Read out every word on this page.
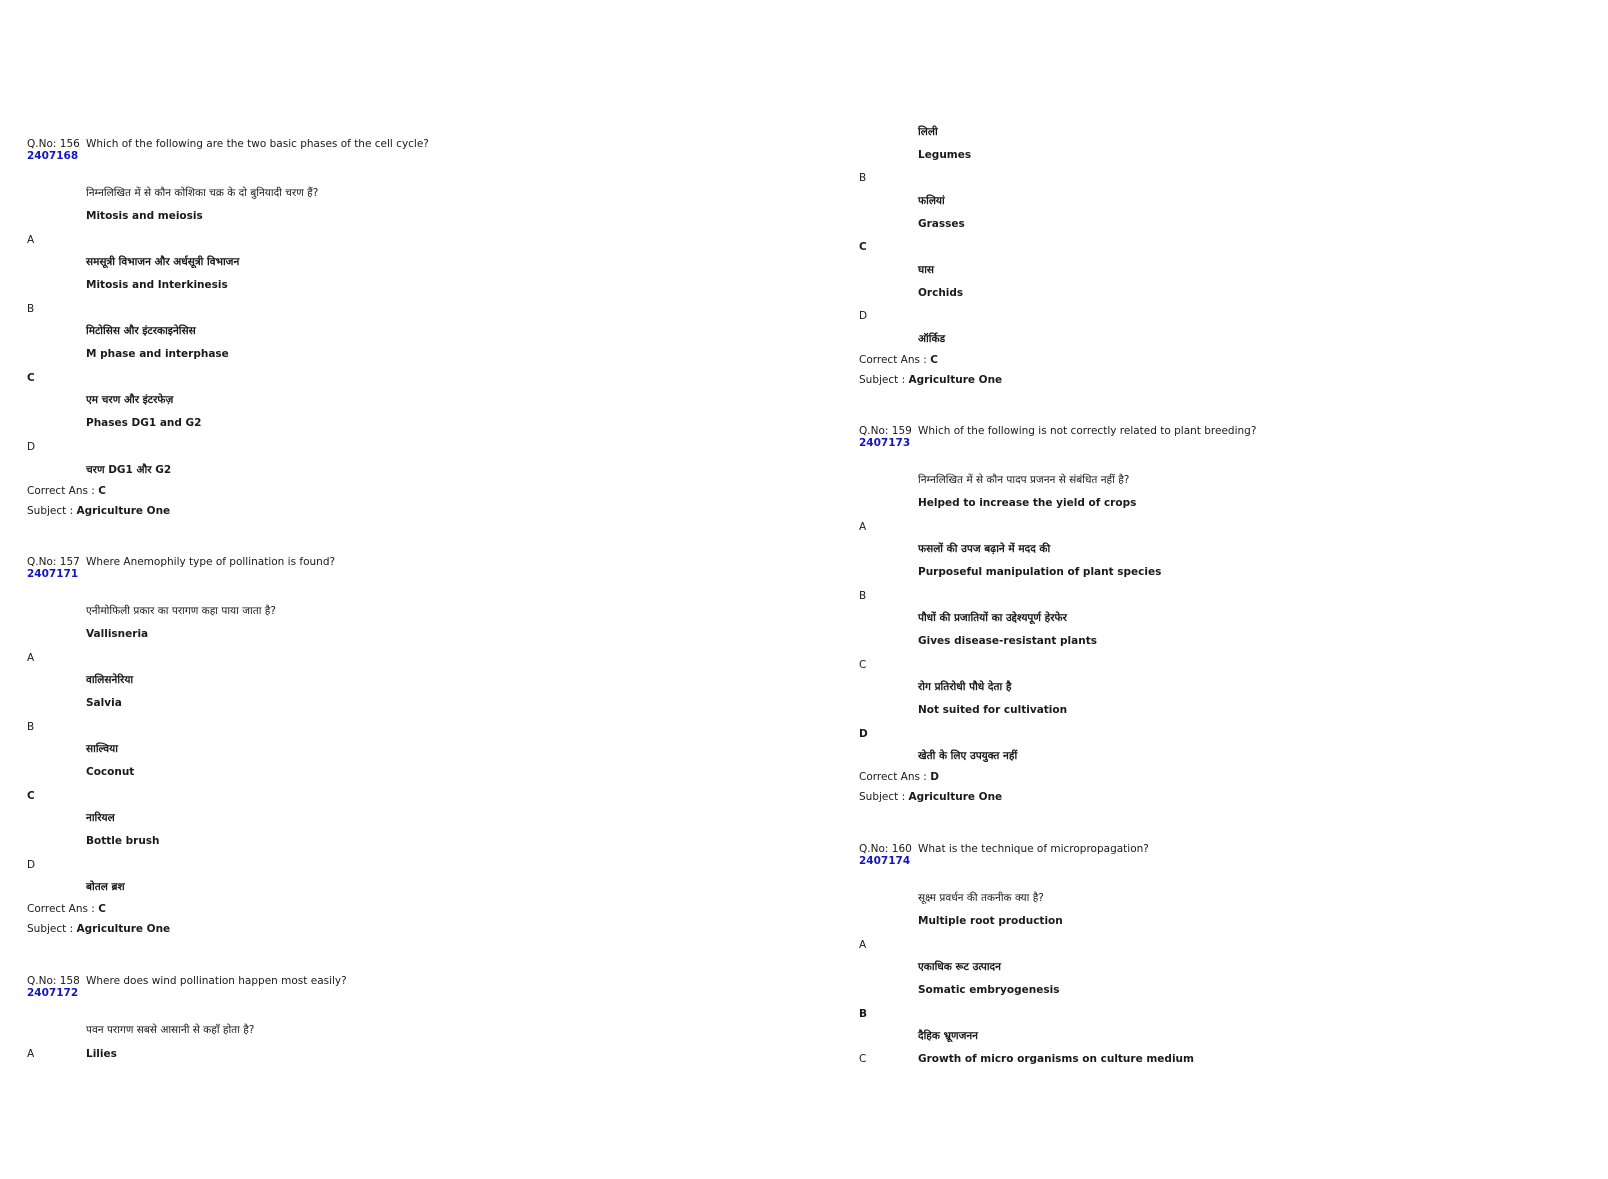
Q.No: 156 Which of the following are the two basic phases of the cell cycle?
2407168
निम्नलिखित में से कौन कोशिका चक्र के दो बुनियादी चरण हैं?
Mitosis and meiosis
A
समसूत्री विभाजन और अर्धसूत्री विभाजन
Mitosis and Interkinesis
B
मिटोसिस और इंटरकाइनेसिस
M phase and interphase
C
एम चरण और इंटरफेज़
Phases DG1 and G2
D
चरण DG1 और G2
Correct Ans : C
Subject : Agriculture One
Q.No: 157 Where Anemophily type of pollination is found?
2407171
एनीमोफिली प्रकार का परागण कहा पाया जाता है?
Vallisneria
A
वालिसनेरिया
Salvia
B
साल्विया
Coconut
C
नारियल
Bottle brush
D
बोतल ब्रश
Correct Ans : C
Subject : Agriculture One
Q.No: 158 Where does wind pollination happen most easily?
2407172
पवन परागण सबसे आसानी से कहाँ होता है?
A	Lilies
लिली
Legumes
B
फलियां
Grasses
C
घास
Orchids
D
ऑर्किड
Correct Ans : C
Subject : Agriculture One
Q.No: 159 Which of the following is not correctly related to plant breeding?
2407173
निम्नलिखित में से कौन पादप प्रजनन से संबंधित नहीं है?
Helped to increase the yield of crops
A
फसलों की उपज बढ़ाने में मदद की
Purposeful manipulation of plant species
B
पौधों की प्रजातियों का उद्देश्यपूर्ण हेरफेर
Gives disease-resistant plants
C
रोग प्रतिरोधी पौधे देता है
Not suited for cultivation
D
खेती के लिए उपयुक्त नहीं
Correct Ans : D
Subject : Agriculture One
Q.No: 160 What is the technique of micropropagation?
2407174
सूक्ष्म प्रवर्धन की तकनीक क्या है?
Multiple root production
A
एकाधिक रूट उत्पादन
Somatic embryogenesis
B
दैहिक भ्रूणजनन
C	Growth of micro organisms on culture medium
